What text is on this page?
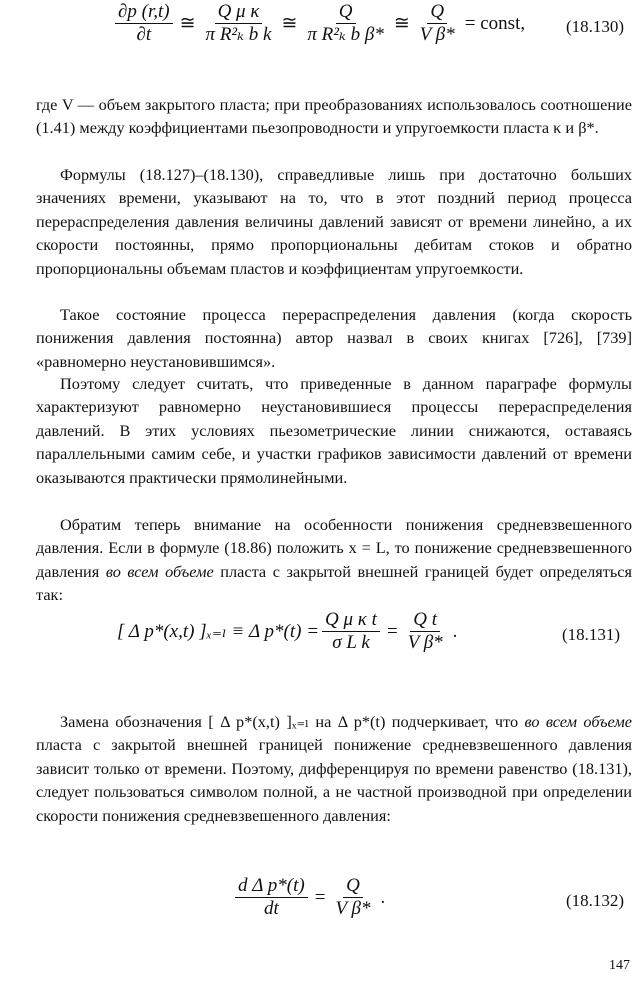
$\frac{\partial p (r,t)}{\partial t}$ ≅ $\frac{\text{Q μ κ}}{\text{π R²ₖ b k}}$ ≅ $\frac{Q}{\text{π R²ₖ b β*}}$ ≅ $\frac{Q}{\text{V β*}}$ = const, (18.130)

где V — объем закрытого пласта; при преобразованиях использовалось соотношение (1.41) между коэффициентами пьезопроводности и упругоемкости пласта κ и β*.

Формулы (18.127)–(18.130), справедливые лишь при достаточно больших значениях времени, указывают на то, что в этот поздний период процесса перераспределения давления величины давлений зависят от времени линейно, а их скорости постоянны, прямо пропорциональны дебитам стоков и обратно пропорциональны объемам пластов и коэффициентам упругоемкости.

Такое состояние процесса перераспределения давления (когда скорость понижения давления постоянна) автор назвал в своих книгах [726], [739] «равномерно неустановившимся».

Поэтому следует считать, что приведенные в данном параграфе формулы характеризуют равномерно неустановившиеся процессы перераспределения давлений. В этих условиях пьезометрические линии снижаются, оставаясь параллельными самим себе, и участки графиков зависимости давлений от времени оказываются практически прямолинейными.

Обратим теперь внимание на особенности понижения средневзвешенного давления. Если в формуле (18.86) положить x = L, то понижение средневзвешенного давления во всем объеме пласта с закрытой внешней границей будет определяться так:

[ Δ p*(x,t) ]ₓ₌ₗ ≡ Δ $p*(t) = \frac{\text{Q μ κ t}}{\text{σ L k}} = \frac{\text{Q t}}{\text{V β*}}$ .	(18.131)

Замена обозначения [ Δ p*(x,t) ]ₓ₌ₗ на Δ p*(t) подчеркивает, что во всем объеме пласта с закрытой внешней границей понижение средневзвешенного давления зависит только от времени. Поэтому, дифференцируя по времени равенство (18.131), следует пользоваться символом полной, а не частной производной при определении скорости понижения средневзвешенного давления:

$\frac{\text{d Δ p*(t)}}{dt} = \frac{Q}{\text{V β*}}$ .	(18.132)
147
